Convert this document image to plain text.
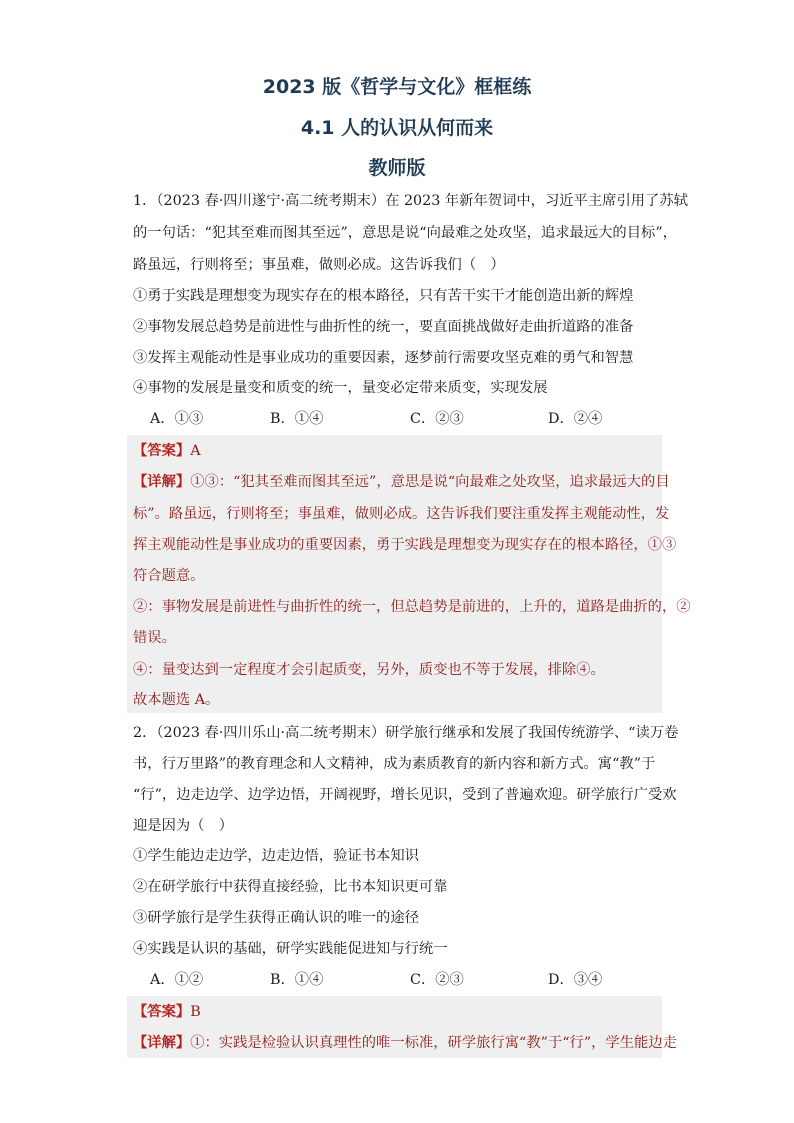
2023 版《哲学与文化》框框练
4.1 人的认识从何而来
教师版
1．（2023 春·四川遂宁·高二统考期末）在 2023 年新年贺词中，习近平主席引用了苏轼
的一句话：“犯其至难而图其至远”，意思是说“向最难之处攻坚，追求最远大的目标”，
路虽远，行则将至；事虽难，做则必成。这告诉我们（　）
①勇于实践是理想变为现实存在的根本路径，只有苦干实干才能创造出新的辉煌
②事物发展总趋势是前进性与曲折性的统一，要直面挑战做好走曲折道路的准备
③发挥主观能动性是事业成功的重要因素，逐梦前行需要攻坚克难的勇气和智慧
④事物的发展是量变和质变的统一，量变必定带来质变，实现发展
A．①③	B．①④	C．②③	D．②④
【答案】A
【详解】①③：“犯其至难而图其至远”，意思是说“向最难之处攻坚，追求最远大的目
标”。路虽远，行则将至；事虽难，做则必成。这告诉我们要注重发挥主观能动性，发
挥主观能动性是事业成功的重要因素，勇于实践是理想变为现实存在的根本路径，①③
符合题意。
②：事物发展是前进性与曲折性的统一，但总趋势是前进的，上升的，道路是曲折的，②
错误。
④：量变达到一定程度才会引起质变，另外，质变也不等于发展，排除④。
故本题选 A。
2．（2023 春·四川乐山·高二统考期末）研学旅行继承和发展了我国传统游学、“读万卷
书，行万里路”的教育理念和人文精神，成为素质教育的新内容和新方式。寓“教”于
“行”，边走边学、边学边悟，开阔视野，增长见识，受到了普遍欢迎。研学旅行广受欢
迎是因为（　）
①学生能边走边学，边走边悟，验证书本知识
②在研学旅行中获得直接经验，比书本知识更可靠
③研学旅行是学生获得正确认识的唯一的途径
④实践是认识的基础，研学实践能促进知与行统一
A．①②	B．①④	C．②③	D．③④
【答案】B
【详解】①：实践是检验认识真理性的唯一标准，研学旅行寓“教”于“行”，学生能边走
